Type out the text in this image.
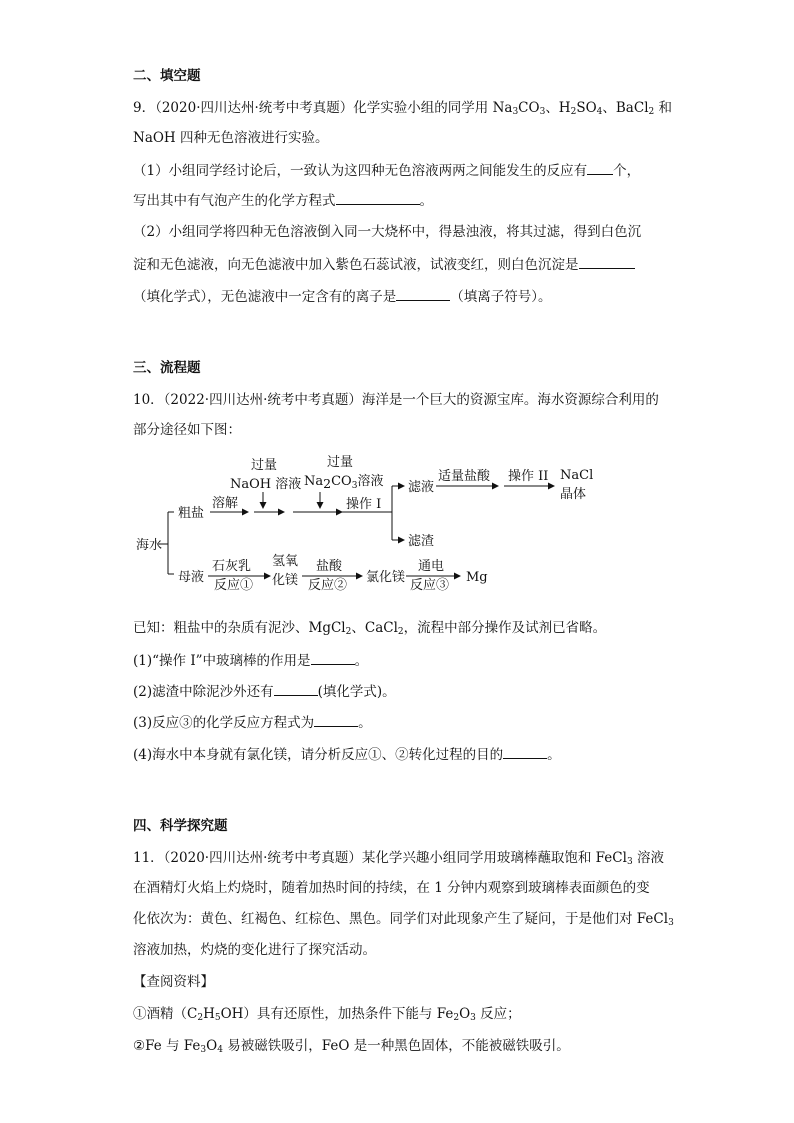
二、填空题
9．（2020·四川达州·统考中考真题）化学实验小组的同学用 $Na_3CO_3$、$H_2SO_4$、BaCl$_2$ 和
NaOH 四种无色溶液进行实验。
（1）小组同学经讨论后，一致认为这四种无色溶液两两之间能发生的反应有 个，
写出其中有气泡产生的化学方程式	。
（2）小组同学将四种无色溶液倒入同一大烧杯中，得悬浊液，将其过滤，得到白色沉
淀和无色滤液，向无色滤液中加入紫色石蕊试液，试液变红，则白色沉淀是
（填化学式），无色滤液中一定含有的离子是	（填离子符号）。
三、流程题
10．（2022·四川达州·统考中考真题）海洋是一个巨大的资源宝库。海水资源综合利用的
部分途径如下图：
海水
粗盐
溶解
过量
NaOH 溶液
过量
$Na2CO_3$溶液
操作 I
滤液
滤渣
适量盐酸 操作 II NaCl
晶体
母液
石灰乳
反应①
氢氧
化镁
盐酸
反应②
氯化镁
通电
反应③
Mg
已知：粗盐中的杂质有泥沙、MgCl$_2$、CaCl$_2$，流程中部分操作及试剂已省略。
(1)“操作 I”中玻璃棒的作用是	。
(2)滤渣中除泥沙外还有	(填化学式)。
(3)反应③的化学反应方程式为	。
(4)海水中本身就有氯化镁，请分析反应①、②转化过程的目的	。
四、科学探究题
11．（2020·四川达州·统考中考真题）某化学兴趣小组同学用玻璃棒蘸取饱和 FeCl$_3$ 溶液
在酒精灯火焰上灼烧时，随着加热时间的持续，在 1 分钟内观察到玻璃棒表面颜色的变
化依次为：黄色、红褐色、红棕色、黑色。同学们对此现象产生了疑问，于是他们对 FeCl$_3$
溶液加热，灼烧的变化进行了探究活动。
【查阅资料】
①酒精$(C_2H_5OH)$具有还原性，加热条件下能与 $Fe_2O_3$ 反应；
②Fe 与 $Fe_3O_4$ 易被磁铁吸引，FeO 是一种黑色固体，不能被磁铁吸引。
